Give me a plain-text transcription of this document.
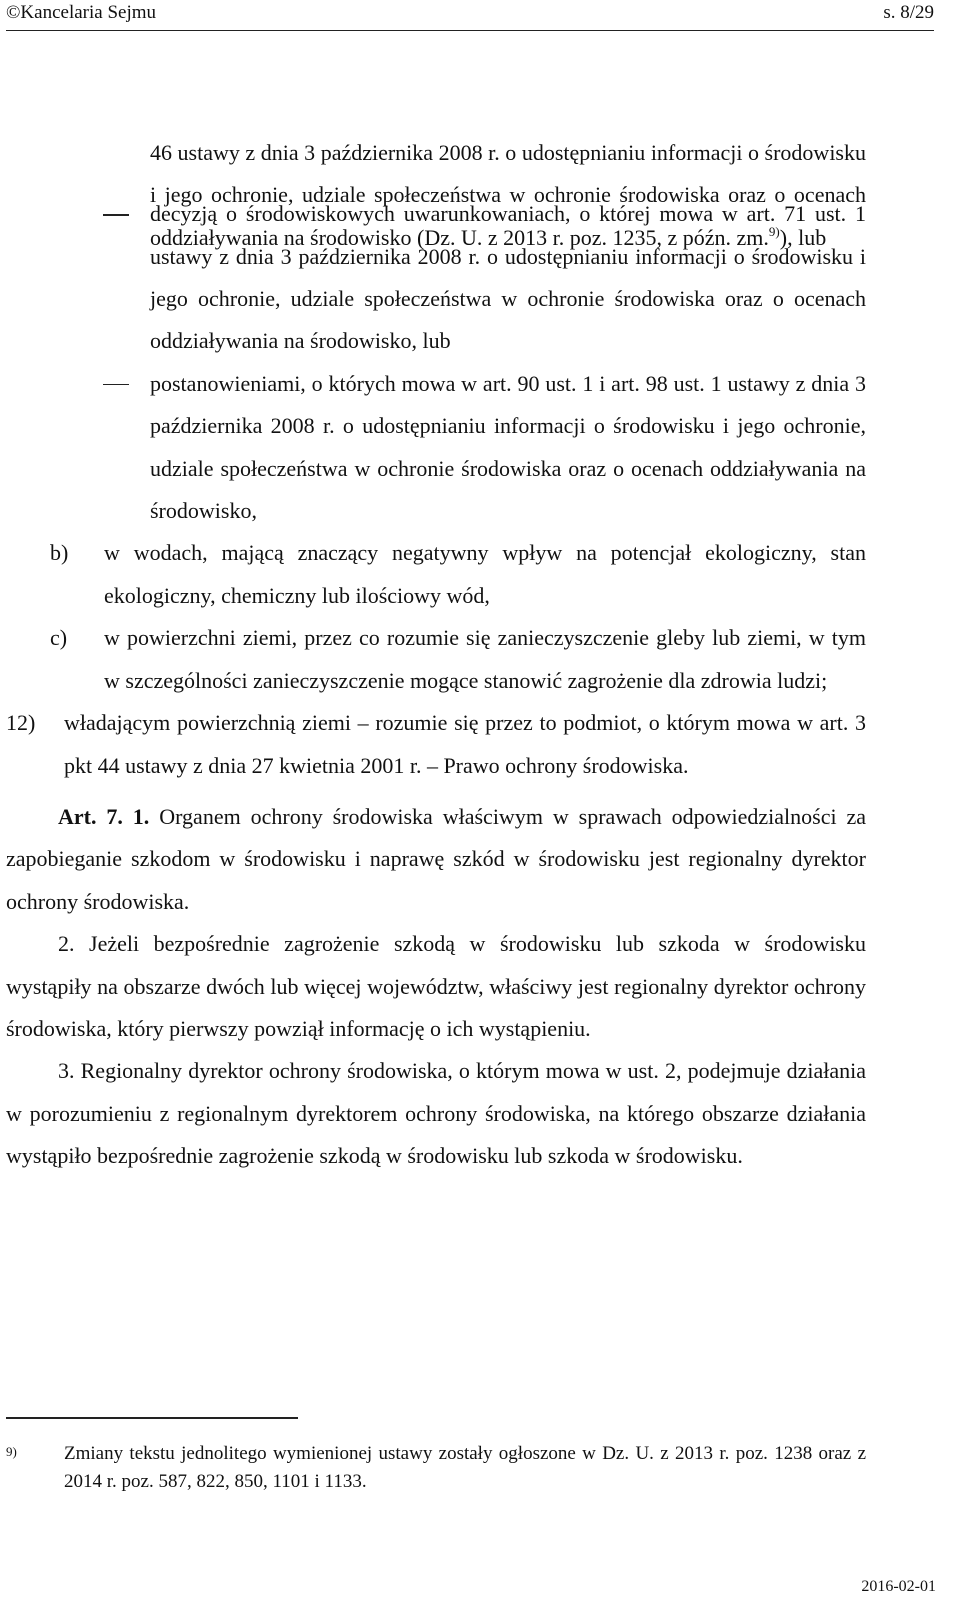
©Kancelaria Sejmu	s. 8/29

46 ustawy z dnia 3 października 2008 r. o udostępnianiu informacji o środowisku i jego ochronie, udziale społeczeństwa w ochronie środowiska oraz o ocenach oddziaływania na środowisko (Dz. U. z 2013 r. poz. 1235, z późn. zm.$^{9)}$), lub

decyzją o środowiskowych uwarunkowaniach, o której mowa w art. 71 ust. 1 ustawy z dnia 3 października 2008 r. o udostępnianiu informacji o środowisku i jego ochronie, udziale społeczeństwa w ochronie środowiska oraz o ocenach oddziaływania na środowisko, lub

postanowieniami, o których mowa w art. 90 ust. 1 i art. 98 ust. 1 ustawy z dnia 3 października 2008 r. o udostępnianiu informacji o środowisku i jego ochronie, udziale społeczeństwa w ochronie środowiska oraz o ocenach oddziaływania na środowisko,

b) w wodach, mającą znaczący negatywny wpływ na potencjał ekologiczny, stan ekologiczny, chemiczny lub ilościowy wód,

c) w powierzchni ziemi, przez co rozumie się zanieczyszczenie gleby lub ziemi, w tym w szczególności zanieczyszczenie mogące stanowić zagrożenie dla zdrowia ludzi;

12) władającym powierzchnią ziemi – rozumie się przez to podmiot, o którym mowa w art. 3 pkt 44 ustawy z dnia 27 kwietnia 2001 r. – Prawo ochrony środowiska.

Art. 7. 1. Organem ochrony środowiska właściwym w sprawach odpowiedzialności za zapobieganie szkodom w środowisku i naprawę szkód w środowisku jest regionalny dyrektor ochrony środowiska.

2. Jeżeli bezpośrednie zagrożenie szkodą w środowisku lub szkoda w środowisku wystąpiły na obszarze dwóch lub więcej województw, właściwy jest regionalny dyrektor ochrony środowiska, który pierwszy powziął informację o ich wystąpieniu.

3. Regionalny dyrektor ochrony środowiska, o którym mowa w ust. 2, podejmuje działania w porozumieniu z regionalnym dyrektorem ochrony środowiska, na którego obszarze działania wystąpiło bezpośrednie zagrożenie szkodą w środowisku lub szkoda w środowisku.

9)	Zmiany tekstu jednolitego wymienionej ustawy zostały ogłoszone w Dz. U. z 2013 r. poz. 1238 oraz z 2014 r. poz. 587, 822, 850, 1101 i 1133.
2016-02-01
